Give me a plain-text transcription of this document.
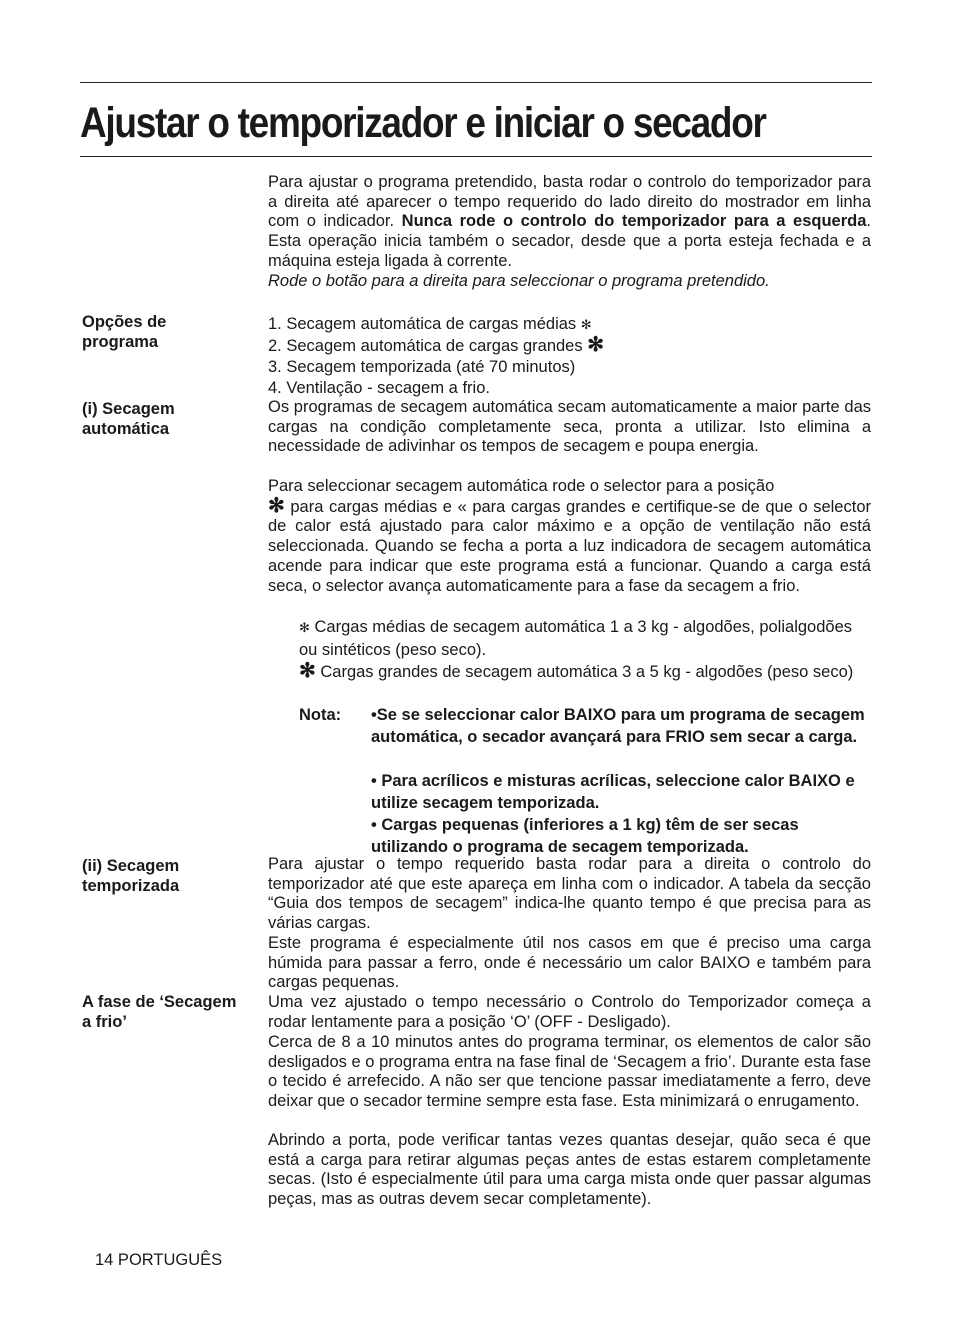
Ajustar o temporizador e iniciar o secador
Para ajustar o programa pretendido, basta rodar o controlo do temporizador para a direita até aparecer o tempo requerido do lado direito do mostrador em linha com o indicador. Nunca rode o controlo do temporizador para a esquerda. Esta operação inicia também o secador, desde que a porta esteja fechada e a máquina esteja ligada à corrente.
Rode o botão para a direita para seleccionar o programa pretendido.
Opções de programa
1. Secagem automática de cargas médias ✻
2. Secagem automática de cargas grandes ✻
3. Secagem temporizada (até 70 minutos)
4. Ventilação - secagem a frio.
(i) Secagem automática
Os programas de secagem automática secam automaticamente a maior parte das cargas na condição completamente seca, pronta a utilizar. Isto elimina a necessidade de adivinhar os tempos de secagem e poupa energia.
Para seleccionar secagem automática rode o selector para a posição
✻ para cargas médias e « para cargas grandes e certifique-se de que o selector de calor está ajustado para calor máximo e a opção de ventilação não está seleccionada. Quando se fecha a porta a luz indicadora de secagem automática acende para indicar que este programa está a funcionar. Quando a carga está seca, o selector avança automaticamente para a fase da secagem a frio.
✻ Cargas médias de secagem automática 1 a 3 kg - algodões, polialgodões ou sintéticos (peso seco).
✻ Cargas grandes de secagem automática 3 a 5 kg - algodões (peso seco)
Nota: •Se se seleccionar calor BAIXO para um programa de secagem automática, o secador avançará para FRIO sem secar a carga.
• Para acrílicos e misturas acrílicas, seleccione calor BAIXO e utilize secagem temporizada.
• Cargas pequenas (inferiores a 1 kg) têm de ser secas utilizando o programa de secagem temporizada.
(ii) Secagem temporizada
Para ajustar o tempo requerido basta rodar para a direita o controlo do temporizador até que este apareça em linha com o indicador. A tabela da secção “Guia dos tempos de secagem” indica-lhe quanto tempo é que precisa para as várias cargas.
Este programa é especialmente útil nos casos em que é preciso uma carga húmida para passar a ferro, onde é necessário um calor BAIXO e também para cargas pequenas.
A fase de ‘Secagem a frio’
Uma vez ajustado o tempo necessário o Controlo do Temporizador começa a rodar lentamente para a posição ‘O’ (OFF - Desligado).
Cerca de 8 a 10 minutos antes do programa terminar, os elementos de calor são desligados e o programa entra na fase final de ‘Secagem a frio’. Durante esta fase o tecido é arrefecido. A não ser que tencione passar imediatamente a ferro, deve deixar que o secador termine sempre esta fase. Esta minimizará o enrugamento.
Abrindo a porta, pode verificar tantas vezes quantas desejar, quão seca é que está a carga para retirar algumas peças antes de estas estarem completamente secas. (Isto é especialmente útil para uma carga mista onde quer passar algumas peças, mas as outras devem secar completamente).
14 PORTUGUÊS
